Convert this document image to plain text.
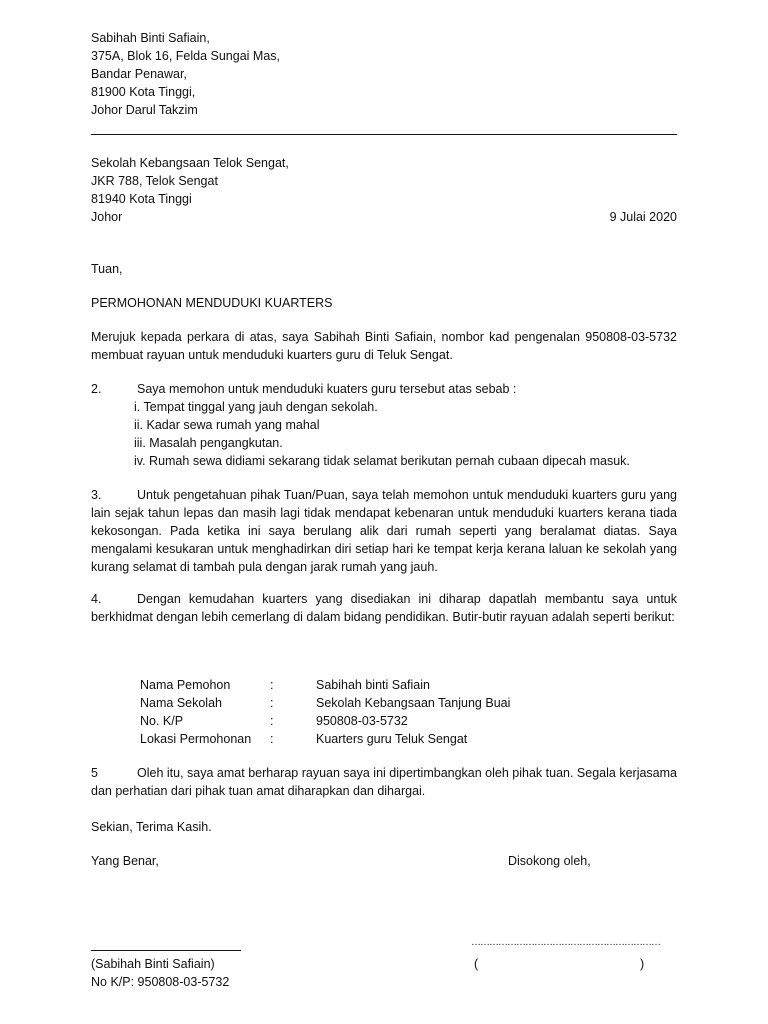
Sabihah Binti Safiain,
375A, Blok 16, Felda Sungai Mas,
Bandar Penawar,
81900 Kota Tinggi,
Johor Darul Takzim
Sekolah Kebangsaan Telok Sengat,
JKR 788, Telok Sengat
81940 Kota Tinggi
Johor	9 Julai 2020
Tuan,
PERMOHONAN MENDUDUKI KUARTERS
Merujuk kepada perkara di atas, saya Sabihah Binti Safiain, nombor kad pengenalan 950808-03-5732 membuat rayuan untuk menduduki kuarters guru di Teluk Sengat.
2.	Saya memohon untuk menduduki kuaters guru tersebut atas sebab :
i. Tempat tinggal yang jauh dengan sekolah.
ii. Kadar sewa rumah yang mahal
iii. Masalah pengangkutan.
iv. Rumah sewa didiami sekarang tidak selamat berikutan pernah cubaan dipecah masuk.
3.	Untuk pengetahuan pihak Tuan/Puan, saya telah memohon untuk menduduki kuarters guru yang lain sejak tahun lepas dan masih lagi tidak mendapat kebenaran untuk menduduki kuarters kerana tiada kekosongan. Pada ketika ini saya berulang alik dari rumah seperti yang beralamat diatas. Saya mengalami kesukaran untuk menghadirkan diri setiap hari ke tempat kerja kerana laluan ke sekolah yang kurang selamat di tambah pula dengan jarak rumah yang jauh.
4.	Dengan kemudahan kuarters yang disediakan ini diharap dapatlah membantu saya untuk berkhidmat dengan lebih cemerlang di dalam bidang pendidikan. Butir-butir rayuan adalah seperti berikut:
Nama Pemohon	:	Sabihah binti Safiain
Nama Sekolah	:	Sekolah Kebangsaan Tanjung Buai
No. K/P	:	950808-03-5732
Lokasi Permohonan :	Kuarters guru Teluk Sengat
5	Oleh itu, saya amat berharap rayuan saya ini dipertimbangkan oleh pihak tuan. Segala kerjasama dan perhatian dari pihak tuan amat diharapkan dan dihargai.
Sekian, Terima Kasih.
Yang Benar,	Disokong oleh,
………………………………………………………
(Sabihah Binti Safiain)
No K/P: 950808-03-5732
(	)
